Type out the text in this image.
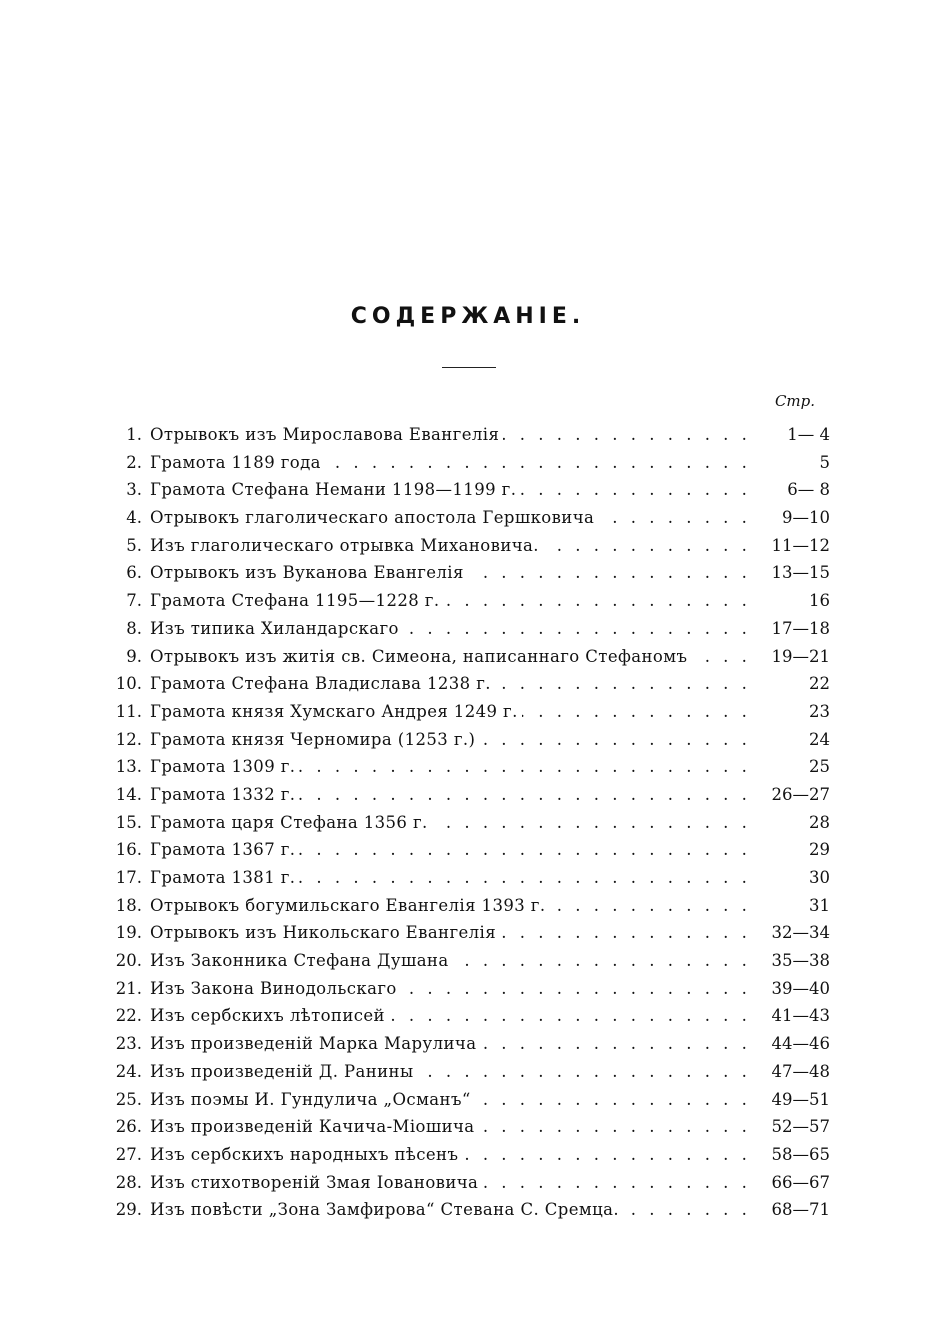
СОДЕРЖАНІЕ.
Стр.
1. Отрывокъ изъ Мирославова Евангелія . . .	1— 4
2. Грамота 1189 года . . .	5
3. Грамота Стефана Немани 1198—1199 г. . . .	6— 8
4. Отрывокъ глаголическаго апостола Гершковича . . .	9—10
5. Изъ глаголическаго отрывка Михановича. . . .	11—12
6. Отрывокъ изъ Вуканова Евангелія . . .	13—15
7. Грамота Стефана 1195—1228 г. . . .	16
8. Изъ типика Хиландарскаго . . .	17—18
9. Отрывокъ изъ житія св. Симеона, написаннаго Стефаномъ . . .	19—21
10. Грамота Стефана Владислава 1238 г. . . .	22
11. Грамота князя Хумскаго Андрея 1249 г. . . .	23
12. Грамота князя Черномира (1253 г.) . . .	24
13. Грамота 1309 г. . . .	25
14. Грамота 1332 г. . . .	26—27
15. Грамота царя Стефана 1356 г. . . .	28
16. Грамота 1367 г. . . .	29
17. Грамота 1381 г. . . .	30
18. Отрывокъ богумильскаго Евангелія 1393 г. . . .	31
19. Отрывокъ изъ Никольскаго Евангелія . . .	32—34
20. Изъ Законника Стефана Душана . . .	35—38
21. Изъ Закона Винодольскаго . . .	39—40
22. Изъ сербскихъ лѣтописей . . .	41—43
23. Изъ произведеній Марка Марулича . . .	44—46
24. Изъ произведеній Д. Ранины . . .	47—48
25. Изъ поэмы И. Гундулича „Османъ“ . . .	49—51
26. Изъ произведеній Качича-Міошича . . .	52—57
27. Изъ сербскихъ народныхъ пѣсенъ . . .	58—65
28. Изъ стихотвореній Змая Іовановича . . .	66—67
29. Изъ повѣсти „Зона Замфирова“ Стевана С. Сремца. . . .	68—71
